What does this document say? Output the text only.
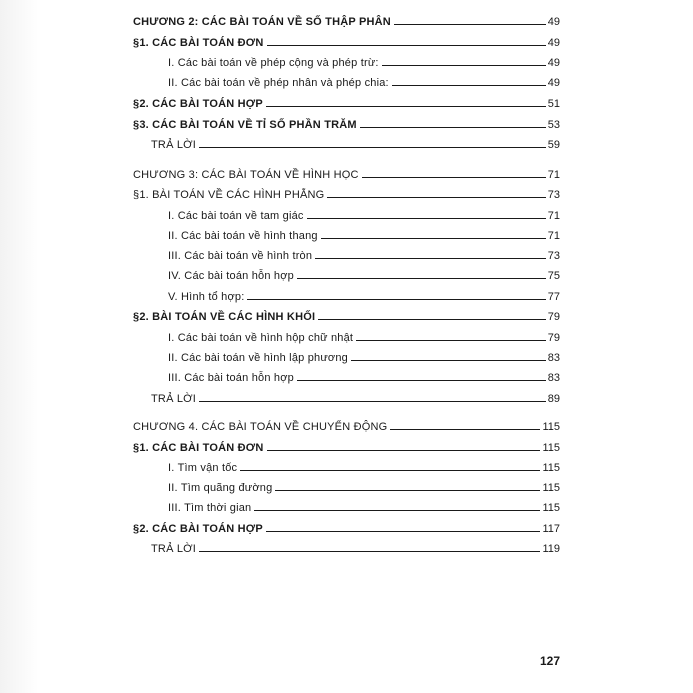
CHƯƠNG 2: CÁC BÀI TOÁN VỀ SỐ THẬP PHÂN	49
§1. CÁC BÀI TOÁN ĐƠN	49
I. Các bài toán về phép cộng và phép trừ:	49
II. Các bài toán về phép nhân và phép chia:	49
§2. CÁC BÀI TOÁN HỢP	51
§3. CÁC BÀI TOÁN VỀ TỈ SỐ PHẦN TRĂM	53
TRẢ LỜI	59
CHƯƠNG 3: CÁC BÀI TOÁN VỀ HÌNH HỌC	71
§1. BÀI TOÁN VỀ CÁC HÌNH PHẲNG	73
I. Các bài toán về tam giác	71
II. Các bài toán về hình thang	71
III. Các bài toán về hình tròn	73
IV. Các bài toán hỗn hợp	75
V. Hình tổ hợp:	77
§2. BÀI TOÁN VỀ CÁC HÌNH KHỐI	79
I. Các bài toán về hình hộp chữ nhật	79
II. Các bài toán về hình lập phương	83
III. Các bài toán hỗn hợp	83
TRẢ LỜI	89
CHƯƠNG 4. CÁC BÀI TOÁN VỀ CHUYỂN ĐỘNG	115
§1. CÁC BÀI TOÁN ĐƠN	115
I. Tìm vận tốc	115
II. Tìm quãng đường	115
III. Tìm thời gian	115
§2. CÁC BÀI TOÁN HỢP	117
TRẢ LỜI	119
127
